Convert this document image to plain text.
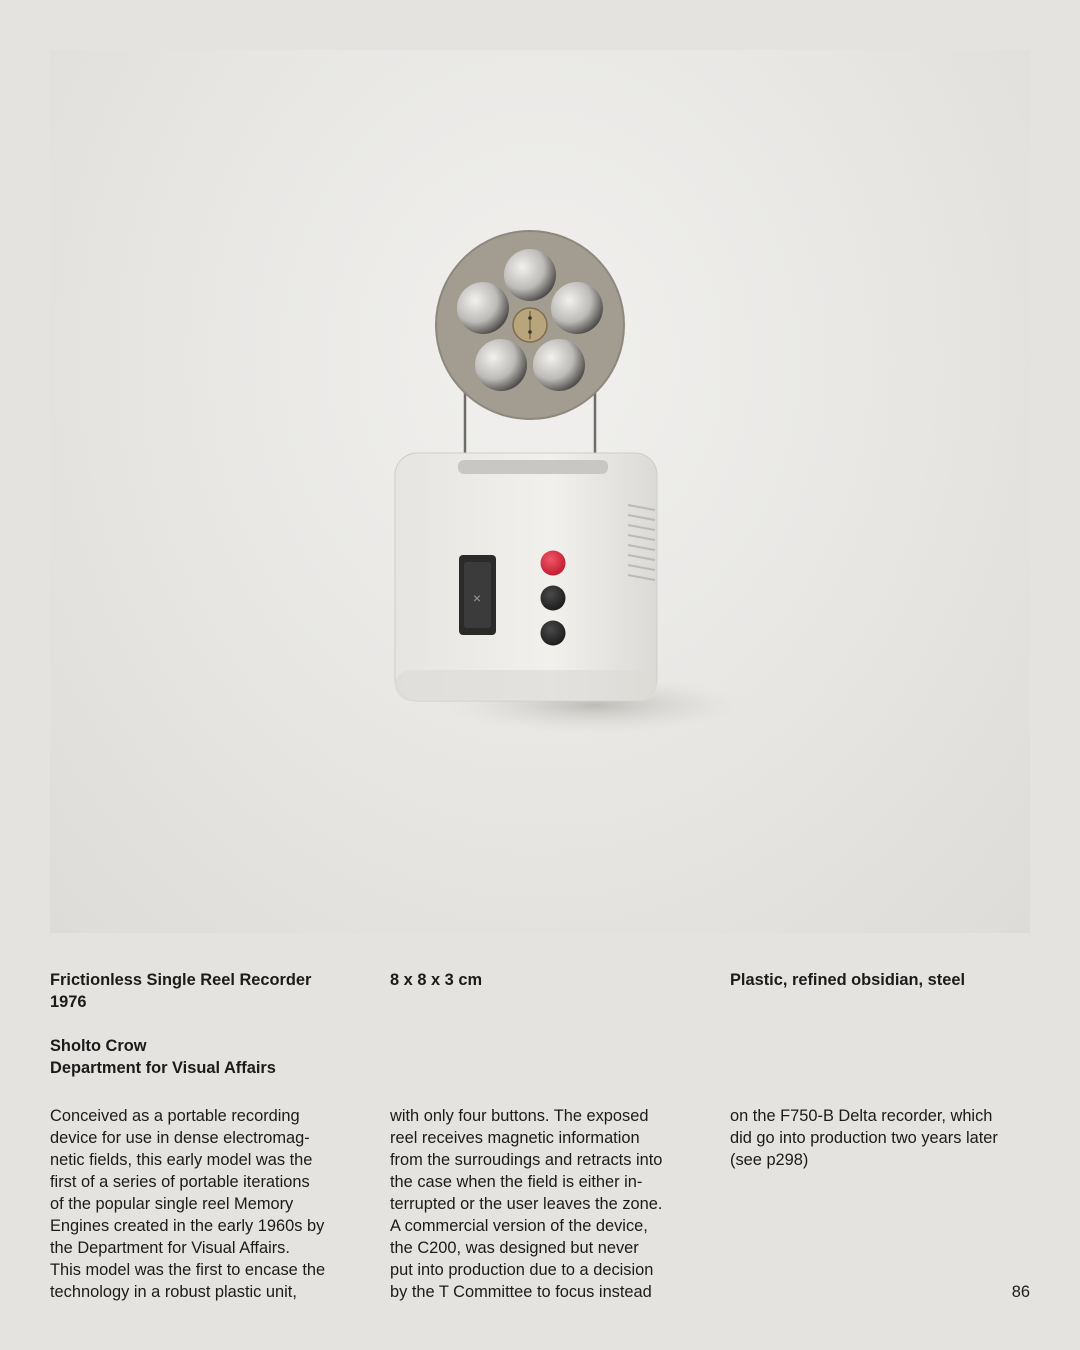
×
Frictionless Single Reel Recorder
1976
Sholto Crow
Department for Visual Affairs
8 x 8 x 3 cm	Plastic, refined obsidian, steel
Conceived as a portable recording
device for use in dense electromag-
netic fields, this early model was the
first of a series of portable iterations
of the popular single reel Memory
Engines created in the early 1960s by
the Department for Visual Affairs.
This model was the first to encase the
technology in a robust plastic unit,
with only four buttons. The exposed
reel receives magnetic information
from the surroudings and retracts into
the case when the field is either in-
terrupted or the user leaves the zone.
A commercial version of the device,
the C200, was designed but never
put into production due to a decision
by the T Committee to focus instead
on the F750-B Delta recorder, which
did go into production two years later
(see p298)
86
